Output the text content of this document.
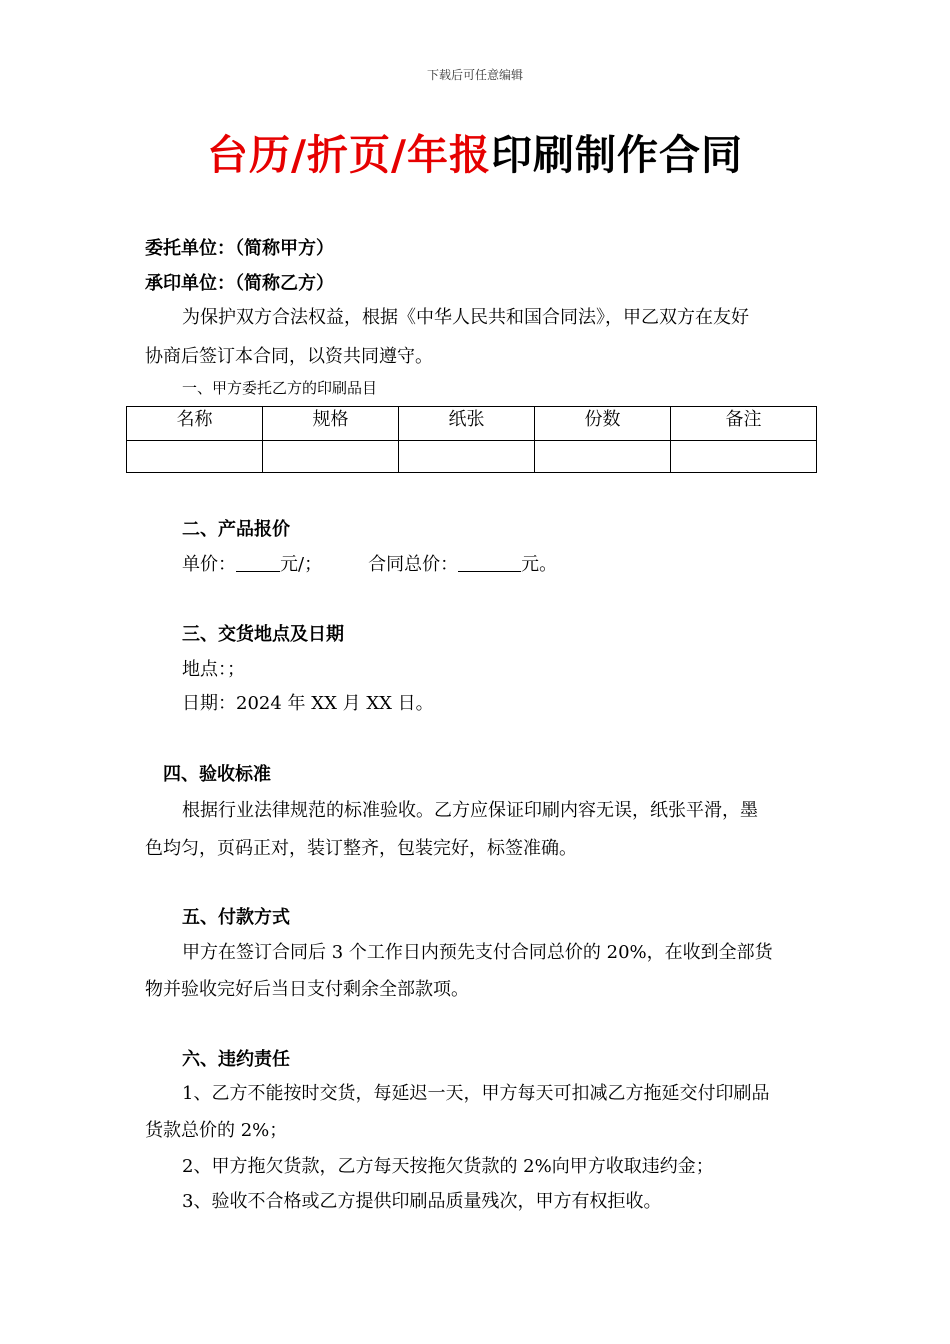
下载后可任意编辑
台历/折页/年报印刷制作合同
委托单位：（简称甲方）
承印单位：（简称乙方）
为保护双方合法权益，根据《中华人民共和国合同法》，甲乙双方在友好
协商后签订本合同，以资共同遵守。
一、甲方委托乙方的印刷品目
名称	规格	纸张	份数	备注

二、产品报价
单价： 元/；	合同总价：	元。
三、交货地点及日期
地点：；
日期：2024 年 XX 月 XX 日。
四、验收标准
根据行业法律规范的标准验收。乙方应保证印刷内容无误，纸张平滑，墨
色均匀，页码正对，装订整齐，包装完好，标签准确。
五、付款方式
甲方在签订合同后 3 个工作日内预先支付合同总价的 20%，在收到全部货
物并验收完好后当日支付剩余全部款项。
六、违约责任
1、乙方不能按时交货，每延迟一天，甲方每天可扣减乙方拖延交付印刷品
货款总价的 2%；
2、甲方拖欠货款，乙方每天按拖欠货款的 2%向甲方收取违约金；
3、验收不合格或乙方提供印刷品质量残次，甲方有权拒收。
